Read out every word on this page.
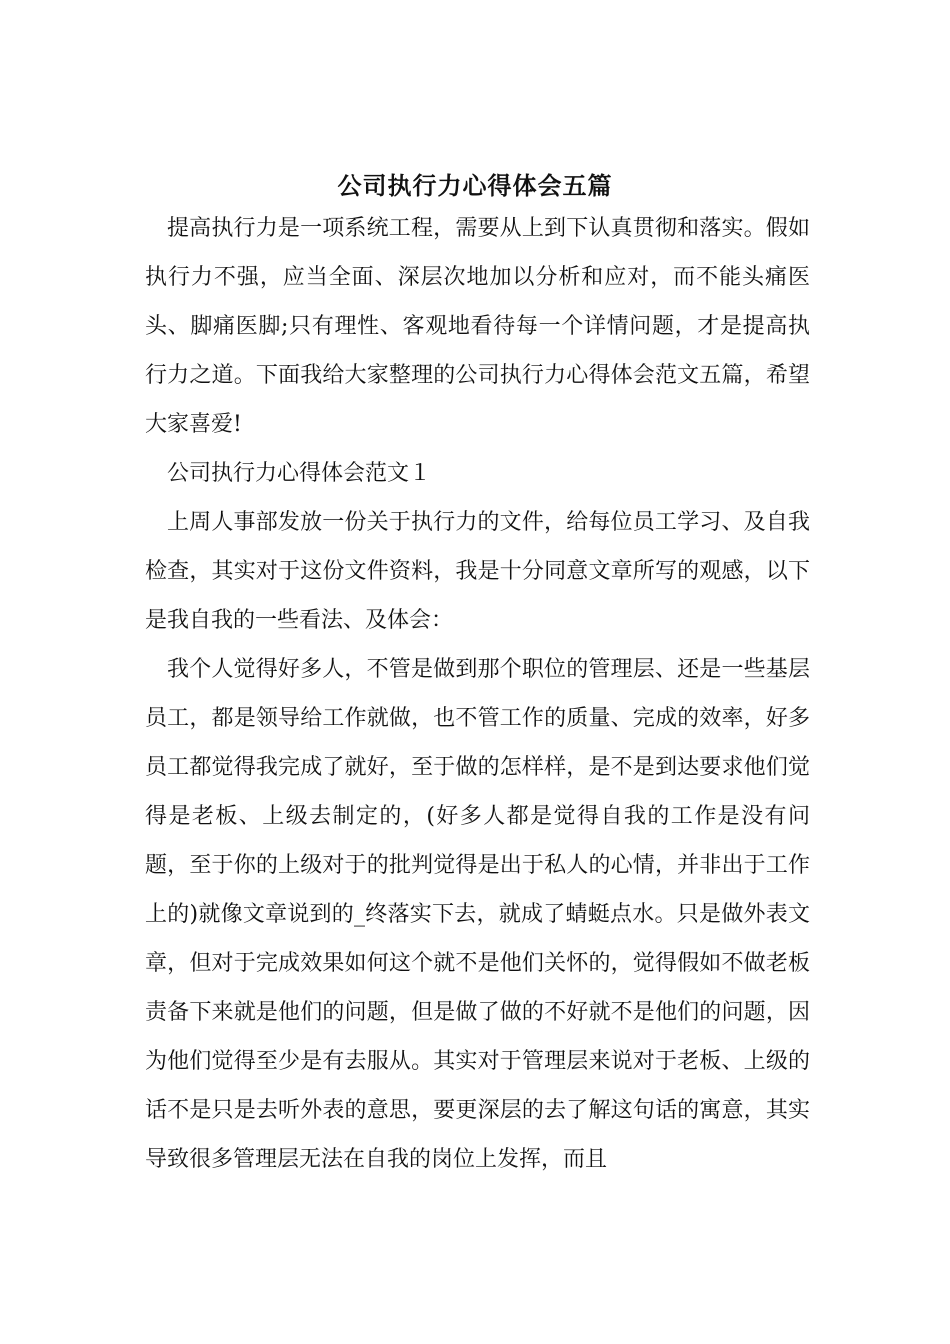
公司执行力心得体会五篇

提高执行力是一项系统工程，需要从上到下认真贯彻和落实。假如执行力不强，应当全面、深层次地加以分析和应对，而不能头痛医头、脚痛医脚;只有理性、客观地看待每一个详情问题，才是提高执行力之道。下面我给大家整理的公司执行力心得体会范文五篇，希望大家喜爱!

公司执行力心得体会范文１

上周人事部发放一份关于执行力的文件，给每位员工学习、及自我检查，其实对于这份文件资料，我是十分同意文章所写的观感，以下是我自我的一些看法、及体会：

我个人觉得好多人，不管是做到那个职位的管理层、还是一些基层员工，都是领导给工作就做，也不管工作的质量、完成的效率，好多员工都觉得我完成了就好，至于做的怎样样，是不是到达要求他们觉得是老板、上级去制定的，(好多人都是觉得自我的工作是没有问题，至于你的上级对于的批判觉得是出于私人的心情，并非出于工作上的)就像文章说到的_终落实下去，就成了蜻蜓点水。只是做外表文章，但对于完成效果如何这个就不是他们关怀的，觉得假如不做老板责备下来就是他们的问题，但是做了做的不好就不是他们的问题，因为他们觉得至少是有去服从。其实对于管理层来说对于老板、上级的话不是只是去听外表的意思，要更深层的去了解这句话的寓意，其实导致很多管理层无法在自我的岗位上发挥，而且
